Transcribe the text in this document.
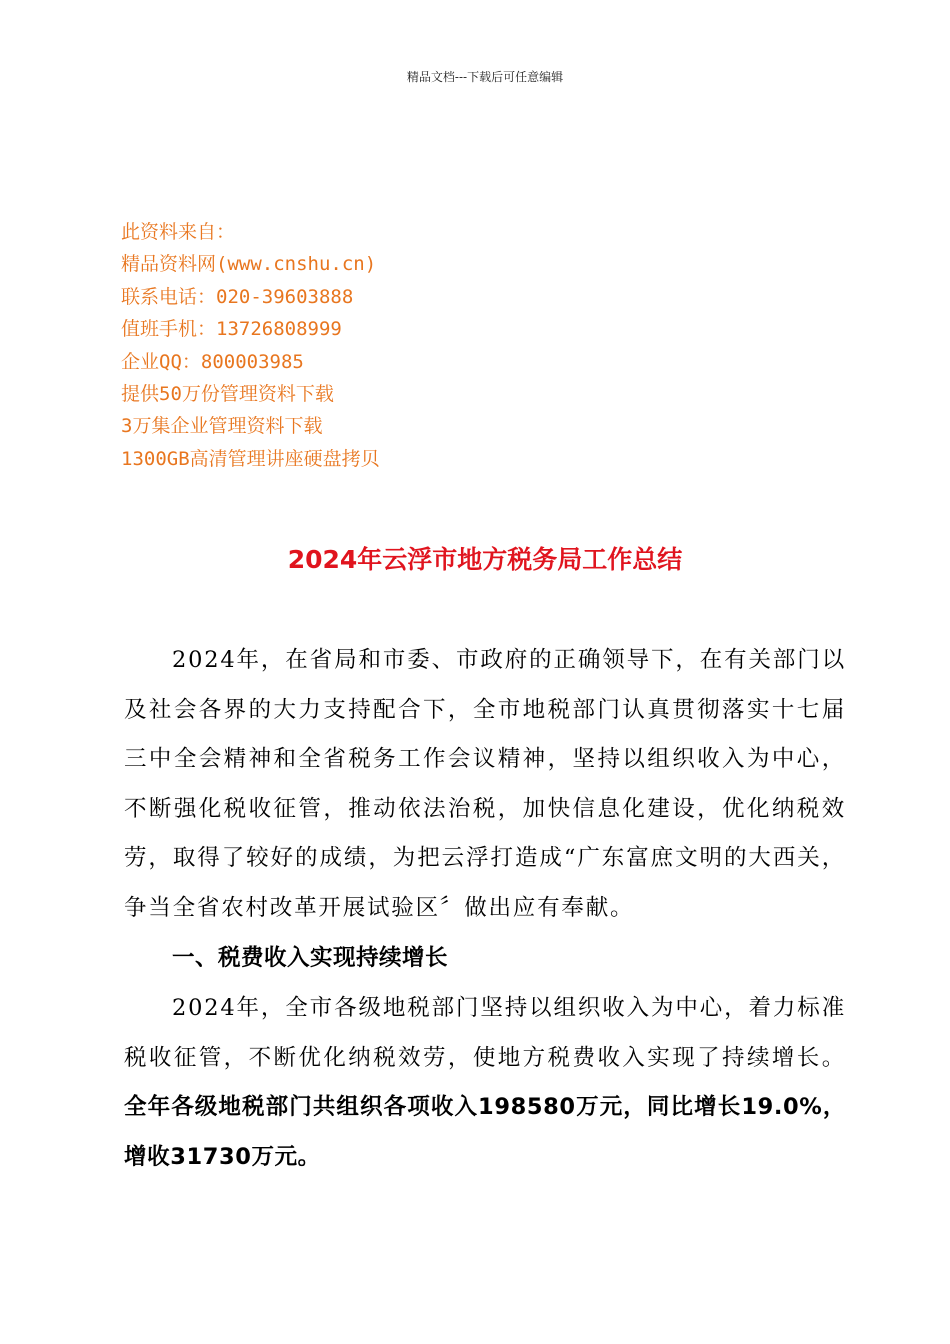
精品文档---下载后可任意编辑
此资料来自：
精品资料网(www.cnshu.cn)
联系电话：020-39603888
值班手机：13726808999
企业QQ：800003985
提供50万份管理资料下载
3万集企业管理资料下载
1300GB高清管理讲座硬盘拷贝
2024年云浮市地方税务局工作总结

2024年，在省局和市委、市政府的正确领导下，在有关部门以及社会各界的大力支持配合下，全市地税部门认真贯彻落实十七届三中全会精神和全省税务工作会议精神，坚持以组织收入为中心，不断强化税收征管，推动依法治税，加快信息化建设，优化纳税效劳，取得了较好的成绩，为把云浮打造成“广东富庶文明的大西关，争当全省农村改革开展试验区〞做出应有奉献。

一、税费收入实现持续增长

2024年，全市各级地税部门坚持以组织收入为中心，着力标准税收征管，不断优化纳税效劳，使地方税费收入实现了持续增长。全年各级地税部门共组织各项收入198580万元，同比增长19.0%，增收31730万元。
